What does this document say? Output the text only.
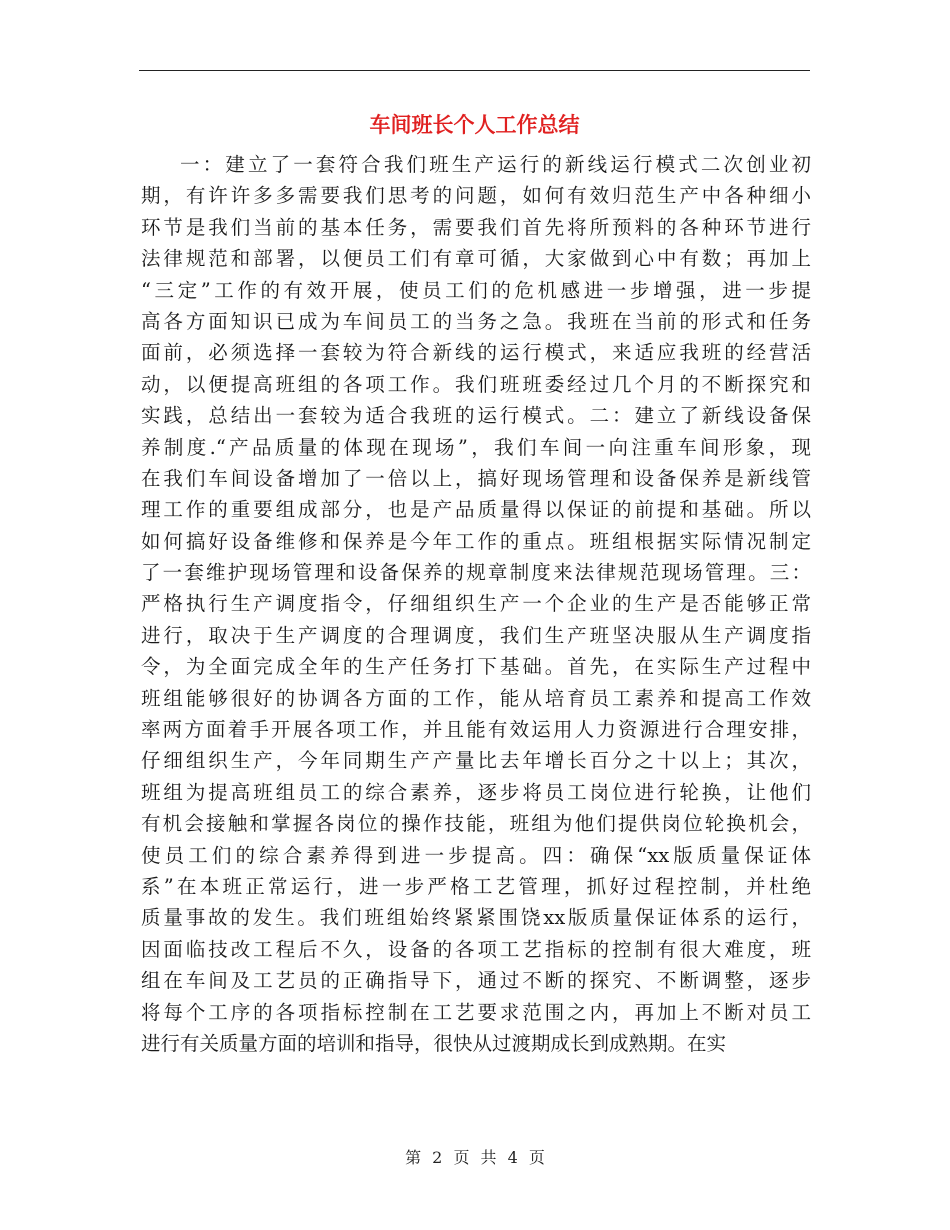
车间班长个人工作总结
一：建立了一套符合我们班生产运行的新线运行模式二次创业初
期，有许许多多需要我们思考的问题，如何有效归范生产中各种细小
环节是我们当前的基本任务，需要我们首先将所预料的各种环节进行
法律规范和部署，以便员工们有章可循，大家做到心中有数；再加上
“三定”工作的有效开展，使员工们的危机感进一步增强，进一步提
高各方面知识已成为车间员工的当务之急。我班在当前的形式和任务
面前，必须选择一套较为符合新线的运行模式，来适应我班的经营活
动，以便提高班组的各项工作。我们班班委经过几个月的不断探究和
实践，总结出一套较为适合我班的运行模式。二：建立了新线设备保
养制度.“产品质量的体现在现场”，我们车间一向注重车间形象，现
在我们车间设备增加了一倍以上，搞好现场管理和设备保养是新线管
理工作的重要组成部分，也是产品质量得以保证的前提和基础。所以
如何搞好设备维修和保养是今年工作的重点。班组根据实际情况制定
了一套维护现场管理和设备保养的规章制度来法律规范现场管理。三：
严格执行生产调度指令，仔细组织生产一个企业的生产是否能够正常
进行，取决于生产调度的合理调度，我们生产班坚决服从生产调度指
令，为全面完成全年的生产任务打下基础。首先，在实际生产过程中
班组能够很好的协调各方面的工作，能从培育员工素养和提高工作效
率两方面着手开展各项工作，并且能有效运用人力资源进行合理安排，
仔细组织生产，今年同期生产产量比去年增长百分之十以上；其次，
班组为提高班组员工的综合素养，逐步将员工岗位进行轮换，让他们
有机会接触和掌握各岗位的操作技能，班组为他们提供岗位轮换机会，
使员工们的综合素养得到进一步提高。四：确保“xx版质量保证体
系”在本班正常运行，进一步严格工艺管理，抓好过程控制，并杜绝
质量事故的发生。我们班组始终紧紧围饶xx版质量保证体系的运行，
因面临技改工程后不久，设备的各项工艺指标的控制有很大难度，班
组在车间及工艺员的正确指导下，通过不断的探究、不断调整，逐步
将每个工序的各项指标控制在工艺要求范围之内，再加上不断对员工
进行有关质量方面的培训和指导，很快从过渡期成长到成熟期。在实
第 2 页 共 4 页
